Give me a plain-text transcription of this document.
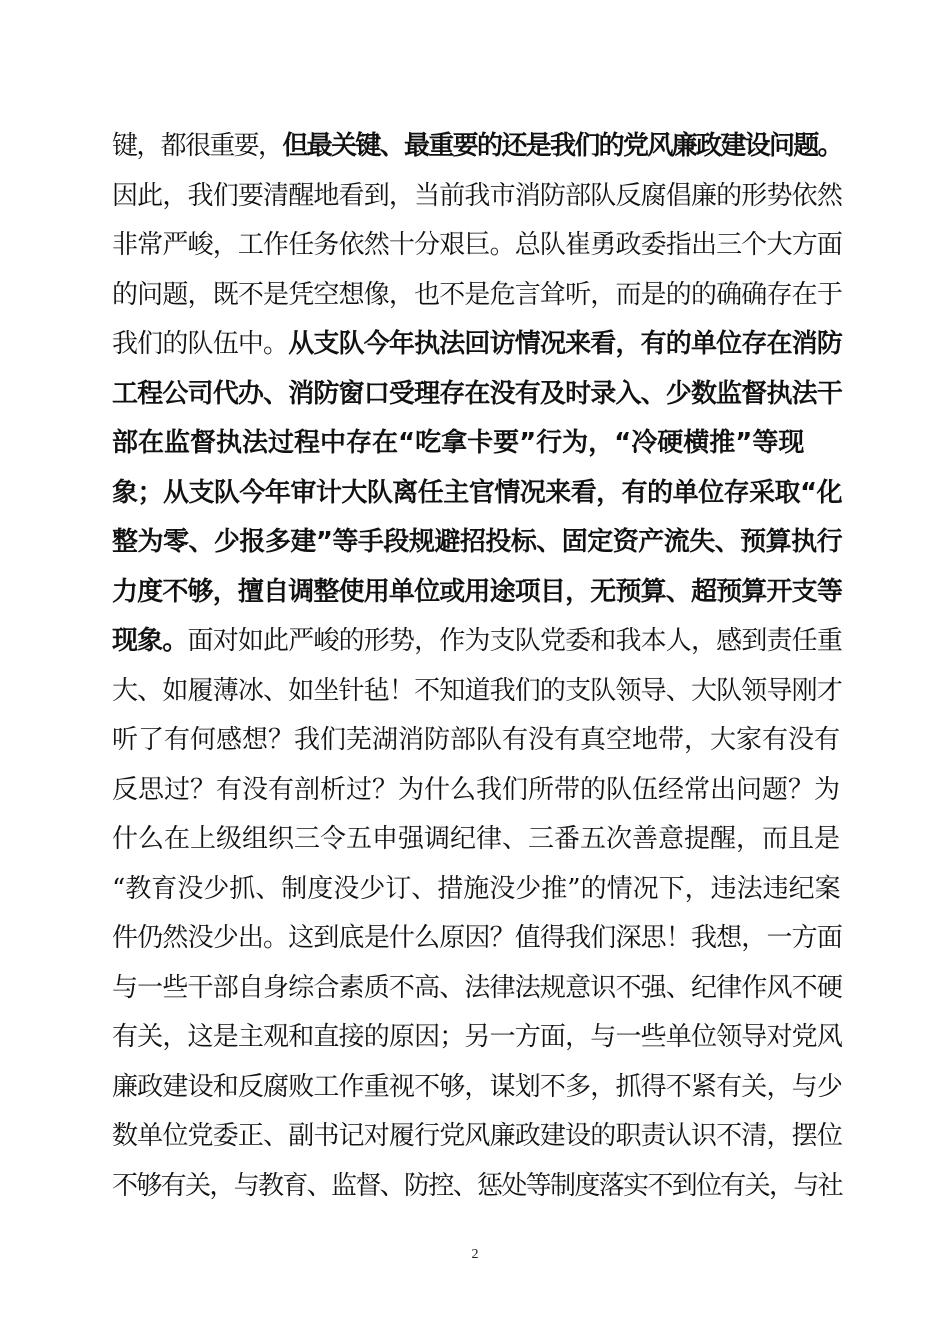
键，都很重要，但最关键、最重要的还是我们的党风廉政建设问题。
因此，我们要清醒地看到，当前我市消防部队反腐倡廉的形势依然
非常严峻，工作任务依然十分艰巨。总队崔勇政委指出三个大方面
的问题，既不是凭空想像，也不是危言耸听，而是的的确确存在于
我们的队伍中。从支队今年执法回访情况来看，有的单位存在消防
工程公司代办、消防窗口受理存在没有及时录入、少数监督执法干
部在监督执法过程中存在“吃拿卡要”行为，“冷硬横推”等现
象；从支队今年审计大队离任主官情况来看，有的单位存采取“化
整为零、少报多建”等手段规避招投标、固定资产流失、预算执行
力度不够，擅自调整使用单位或用途项目，无预算、超预算开支等
现象。面对如此严峻的形势，作为支队党委和我本人，感到责任重
大、如履薄冰、如坐针毡！不知道我们的支队领导、大队领导刚才
听了有何感想？我们芜湖消防部队有没有真空地带，大家有没有
反思过？有没有剖析过？为什么我们所带的队伍经常出问题？为
什么在上级组织三令五申强调纪律、三番五次善意提醒，而且是
“教育没少抓、制度没少订、措施没少推”的情况下，违法违纪案
件仍然没少出。这到底是什么原因？值得我们深思！我想，一方面
与一些干部自身综合素质不高、法律法规意识不强、纪律作风不硬
有关，这是主观和直接的原因；另一方面，与一些单位领导对党风
廉政建设和反腐败工作重视不够，谋划不多，抓得不紧有关，与少
数单位党委正、副书记对履行党风廉政建设的职责认识不清，摆位
不够有关，与教育、监督、防控、惩处等制度落实不到位有关，与社
2
